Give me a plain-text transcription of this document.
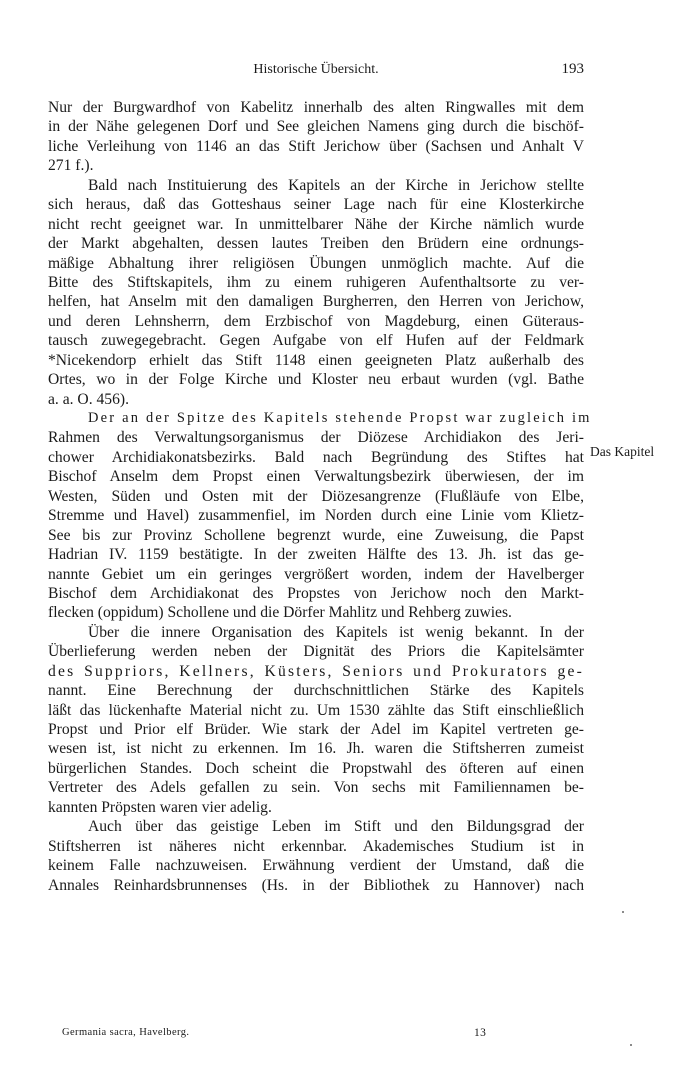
Historische Übersicht.	193
Nur der Burgwardhof von Kabelitz innerhalb des alten Ringwalles mit dem
in der Nähe gelegenen Dorf und See gleichen Namens ging durch die bischöf-
liche Verleihung von 1146 an das Stift Jerichow über (Sachsen und Anhalt V
271 f.).
Bald nach Instituierung des Kapitels an der Kirche in Jerichow stellte
sich heraus, daß das Gotteshaus seiner Lage nach für eine Klosterkirche
nicht recht geeignet war. In unmittelbarer Nähe der Kirche nämlich wurde
der Markt abgehalten, dessen lautes Treiben den Brüdern eine ordnungs-
mäßige Abhaltung ihrer religiösen Übungen unmöglich machte. Auf die
Bitte des Stiftskapitels, ihm zu einem ruhigeren Aufenthaltsorte zu ver-
helfen, hat Anselm mit den damaligen Burgherren, den Herren von Jerichow,
und deren Lehnsherrn, dem Erzbischof von Magdeburg, einen Güteraus-
tausch zuwegegebracht. Gegen Aufgabe von elf Hufen auf der Feldmark
*Nicekendorp erhielt das Stift 1148 einen geeigneten Platz außerhalb des
Ortes, wo in der Folge Kirche und Kloster neu erbaut wurden (vgl. Bathe
a. a. O. 456).
Der an der Spitze des Kapitels stehende Propst war zugleich im
Rahmen des Verwaltungsorganismus der Diözese Archidiakon des Jeri-
chower Archidiakonatsbezirks. Bald nach Begründung des Stiftes hat
Bischof Anselm dem Propst einen Verwaltungsbezirk überwiesen, der im
Westen, Süden und Osten mit der Diözesangrenze (Flußläufe von Elbe,
Stremme und Havel) zusammenfiel, im Norden durch eine Linie vom Klietz-
See bis zur Provinz Schollene begrenzt wurde, eine Zuweisung, die Papst
Hadrian IV. 1159 bestätigte. In der zweiten Hälfte des 13. Jh. ist das ge-
nannte Gebiet um ein geringes vergrößert worden, indem der Havelberger
Bischof dem Archidiakonat des Propstes von Jerichow noch den Markt-
flecken (oppidum) Schollene und die Dörfer Mahlitz und Rehberg zuwies.
Über die innere Organisation des Kapitels ist wenig bekannt. In der
Überlieferung werden neben der Dignität des Priors die Kapitelsämter
des Suppriors, Kellners, Küsters, Seniors und Prokurators ge-
nannt. Eine Berechnung der durchschnittlichen Stärke des Kapitels
läßt das lückenhafte Material nicht zu. Um 1530 zählte das Stift einschließlich
Propst und Prior elf Brüder. Wie stark der Adel im Kapitel vertreten ge-
wesen ist, ist nicht zu erkennen. Im 16. Jh. waren die Stiftsherren zumeist
bürgerlichen Standes. Doch scheint die Propstwahl des öfteren auf einen
Vertreter des Adels gefallen zu sein. Von sechs mit Familiennamen be-
kannten Pröpsten waren vier adelig.
Auch über das geistige Leben im Stift und den Bildungsgrad der
Stiftsherren ist näheres nicht erkennbar. Akademisches Studium ist in
keinem Falle nachzuweisen. Erwähnung verdient der Umstand, daß die
Annales Reinhardsbrunnenses (Hs. in der Bibliothek zu Hannover) nach
Das Kapitel
Germania sacra, Havelberg.	13
